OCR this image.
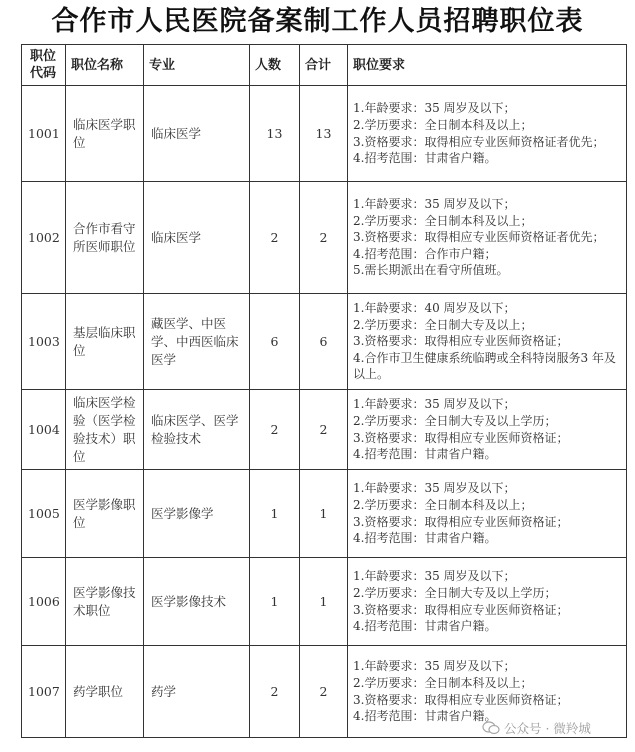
合作市人民医院备案制工作人员招聘职位表
职位代码	职位名称	专业	人数	合计	职位要求
1001	临床医学职位	临床医学	13	13	1.年龄要求：35 周岁及以下；
2.学历要求：全日制本科及以上；
3.资格要求：取得相应专业医师资格证者优先；
4.招考范围：甘肃省户籍。

1002	合作市看守所医师职位	临床医学	2	2	1.年龄要求：35 周岁及以下；
2.学历要求：全日制本科及以上；
3.资格要求：取得相应专业医师资格证者优先；
4.招考范围：合作市户籍；
5.需长期派出在看守所值班。

1003	基层临床职位	藏医学、中医学、中西医临床医学	6	6	1.年龄要求：40 周岁及以下；
2.学历要求：全日制大专及以上；
3.资格要求：取得相应专业医师资格证；
4.合作市卫生健康系统临聘或全科特岗服务3 年及以上。

1004	临床医学检验（医学检验技术）职位	临床医学、医学检验技术	2	2	1.年龄要求：35 周岁及以下；
2.学历要求：全日制大专及以上学历；
3.资格要求：取得相应专业医师资格证；
4.招考范围：甘肃省户籍。

1005	医学影像职位	医学影像学	1	1	1.年龄要求：35 周岁及以下；
2.学历要求：全日制本科及以上；
3.资格要求：取得相应专业医师资格证；
4.招考范围：甘肃省户籍。

1006	医学影像技术职位	医学影像技术	1	1	1.年龄要求：35 周岁及以下；
2.学历要求：全日制大专及以上学历；
3.资格要求：取得相应专业医师资格证；
4.招考范围：甘肃省户籍。

1007	药学职位	药学	2	2	1.年龄要求：35 周岁及以下；
2.学历要求：全日制本科及以上；
3.资格要求：取得相应专业医师资格证；
4.招考范围：甘肃省户籍。
公众号 · 微羚城
